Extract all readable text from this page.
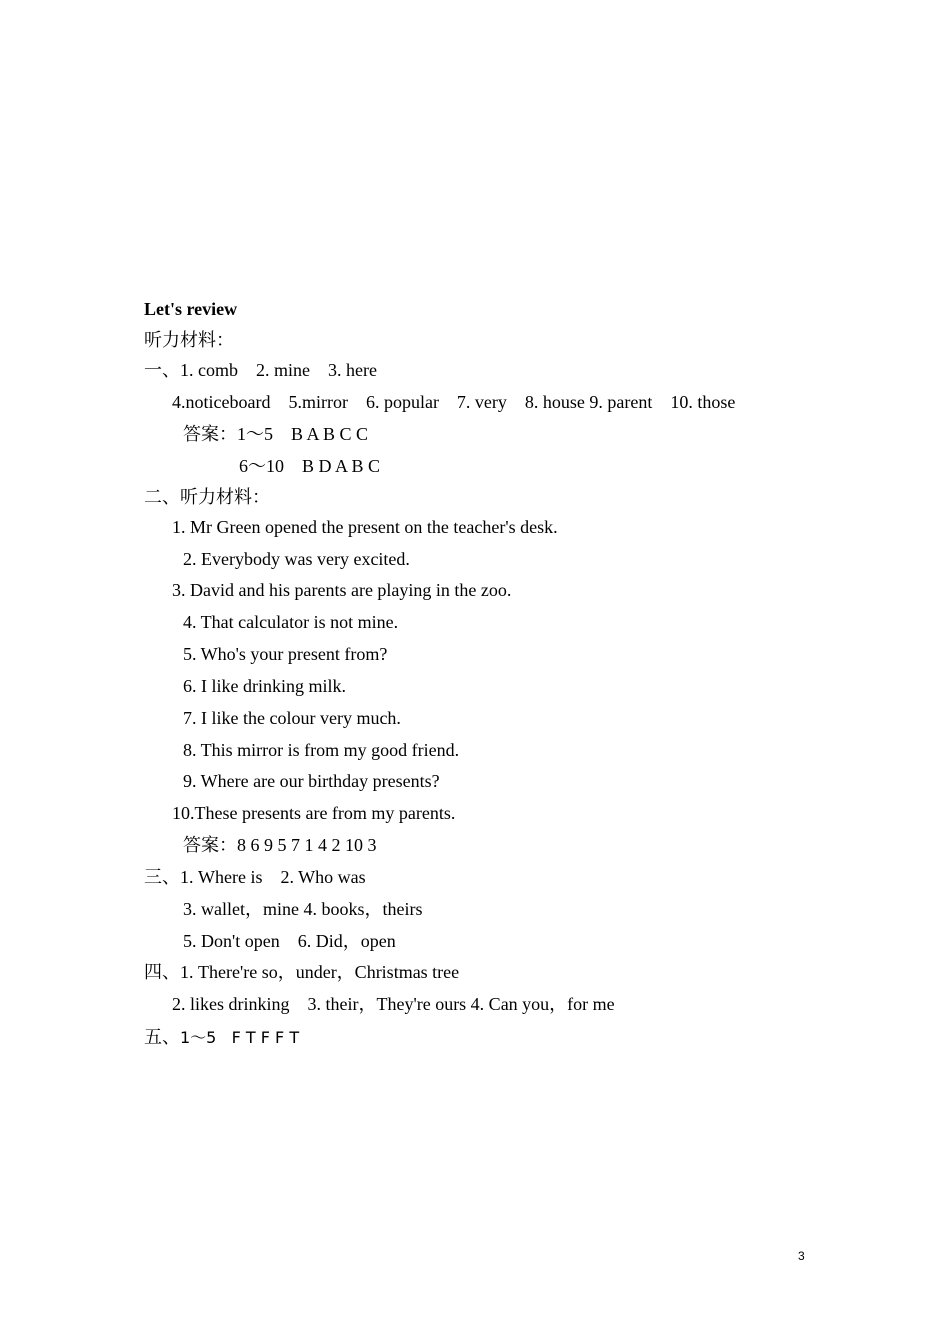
Let's review
听力材料：
一、1. comb    2. mine    3. here
4.noticeboard    5.mirror    6. popular    7. very    8. house 9. parent    10. those
答案：1～5    B A B C C
6～10    B D A B C
二、听力材料：
1. Mr Green opened the present on the teacher's desk.
2. Everybody was very excited.
3. David and his parents are playing in the zoo.
4. That calculator is not mine.
5. Who's your present from?
6. I like drinking milk.
7. I like the colour very much.
8. This mirror is from my good friend.
9. Where are our birthday presents?
10.These presents are from my parents.
答案：8 6 9 5 7 1 4 2 10 3
三、1. Where is    2. Who was
3. wallet，mine 4. books，theirs
5. Don't open    6. Did，open
四、1. There're so，under，Christmas tree
2. likes drinking    3. their，They're ours 4. Can you，for me
五、1～5   F T F F T
3
